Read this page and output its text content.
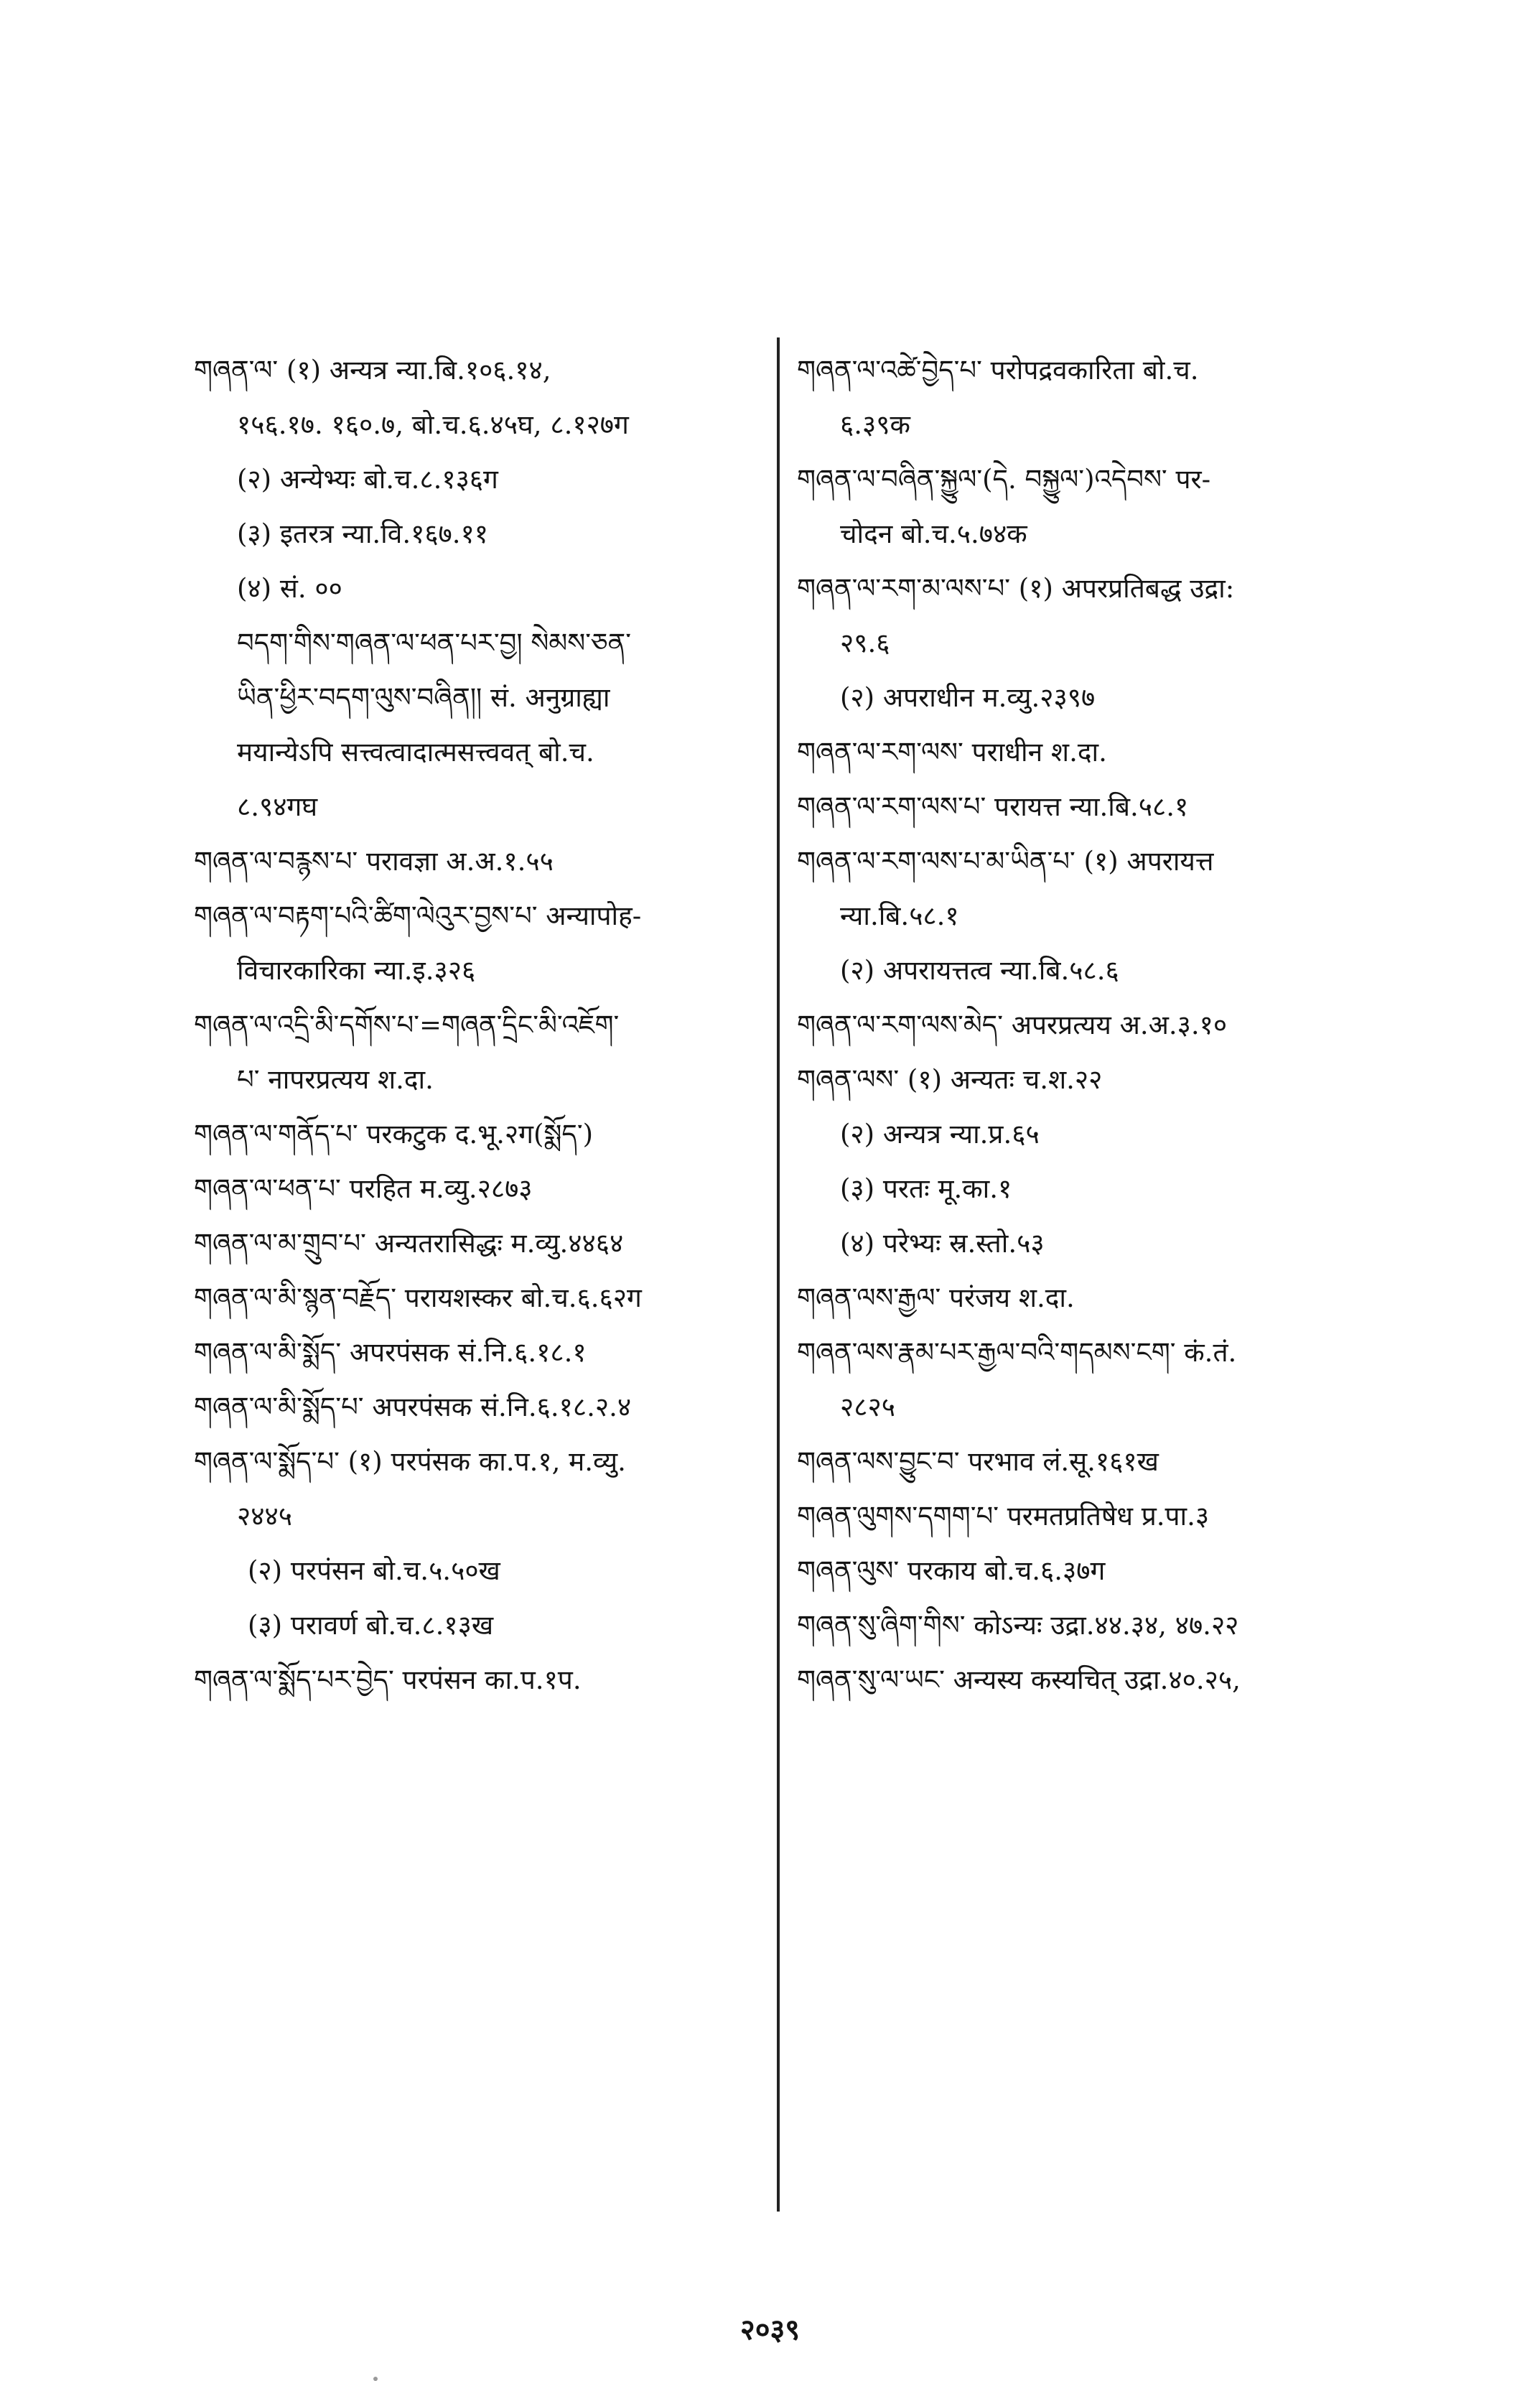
གཞན་ལ་ (१) अन्यत्र न्या.बि.१०६.१४,
१५६.१७. १६०.७, बो.च.६.४५घ, ८.१२७ग
(२) अन्येभ्यः बो.च.८.१३६ग
(३) इतरत्र न्या.वि.१६७.११
(४) सं. ००
བདག་གིས་གཞན་ལ་ཕན་པར་བྱ། སེམས་ཅན་
ཡིན་ཕྱིར་བདག་ལུས་བཞིན།། सं. अनुग्राह्या
मयान्येऽपि सत्त्वत्वादात्मसत्त्ववत् बो.च.
८.९४गघ
གཞན་ལ་བརྙས་པ་ परावज्ञा अ.अ.१.५५
གཞན་ལ་བརྟག་པའི་ཚིག་ལེའུར་བྱས་པ་ अन्यापोह-
विचारकारिका न्या.इ.३२६
གཞན་ལ་འདྲི་མི་དགོས་པ་=གཞན་དྲིང་མི་འཇོག་
པ་ नापरप्रत्यय श.दा.
གཞན་ལ་གནོད་པ་ परकटुक द.भू.२ग(སྨོད་)
གཞན་ལ་ཕན་པ་ परहित म.व्यु.२८७३
གཞན་ལ་མ་གྲུབ་པ་ अन्यतरासिद्धः म.व्यु.४४६४
གཞན་ལ་མི་སྙན་བརྗོད་ परायशस्कर बो.च.६.६२ग
གཞན་ལ་མི་སྨོད་ अपरपंसक सं.नि.६.१८.१
གཞན་ལ་མི་སྨོད་པ་ अपरपंसक सं.नि.६.१८.२.४
གཞན་ལ་སྨོད་པ་ (१) परपंसक का.प.१, म.व्यु.
२४४५
(२) परपंसन बो.च.५.५०ख
(३) परावर्ण बो.च.८.१३ख
གཞན་ལ་སྨོད་པར་བྱེད་ परपंसन का.प.१प.
གཞན་ལ་འཚེ་བྱེད་པ་ परोपद्रवकारिता बो.च.
६.३९क
གཞན་ལ་བཞིན་སྐྱུལ་(དེ. བསྐྱུལ་)འདེབས་ पर-
चोदन बो.च.५.७४क
གཞན་ལ་རག་མ་ལས་པ་ (१) अपरप्रतिबद्ध उद्रा:
२९.६
(२) अपराधीन म.व्यु.२३९७
གཞན་ལ་རག་ལས་ पराधीन श.दा.
གཞན་ལ་རག་ལས་པ་ परायत्त न्या.बि.५८.१
གཞན་ལ་རག་ལས་པ་མ་ཡིན་པ་ (१) अपरायत्त
न्या.बि.५८.१
(२) अपरायत्तत्व न्या.बि.५८.६
གཞན་ལ་རག་ལས་མེད་ अपरप्रत्यय अ.अ.३.१०
གཞན་ལས་ (१) अन्यतः च.श.२२
(२) अन्यत्र न्या.प्र.६५
(३) परतः मू.का.१
(४) परेभ्यः स्र.स्तो.५३
གཞན་ལས་རྒྱལ་ परंजय श.दा.
གཞན་ལས་རྣམ་པར་རྒྱལ་བའི་གདམས་ངག་ कं.तं.
२८२५
གཞན་ལས་བྱུང་བ་ परभाव लं.सू.१६१ख
གཞན་ལུགས་དགག་པ་ परमतप्रतिषेध प्र.पा.३
གཞན་ལུས་ परकाय बो.च.६.३७ग
གཞན་སུ་ཞིག་གིས་ कोऽन्यः उद्रा.४४.३४, ४७.२२
གཞན་སུ་ལ་ཡང་ अन्यस्य कस्यचित् उद्रा.४०.२५,
२०३९
